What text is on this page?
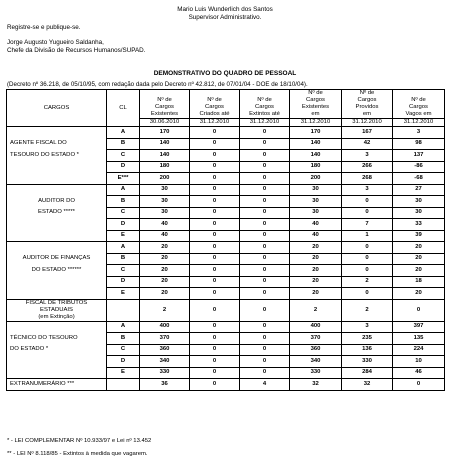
Mario Luis Wunderlich dos Santos
Supervisor Administrativo.
Registre-se e publique-se.
Jorge Augusto Yugueiro Saldanha,
Chefe da Divisão de Recursos Humanos/SUPAD.
DEMONSTRATIVO DO QUADRO DE PESSOAL
(Decreto nº 36.218, de 05/10/95, com redação dada pelo Decreto nº 42.812, de 07/01/04 - DOE de 18/10/04).
CARGOS	CL	Nº de
Cargos
Existentes
30.06.2010	Nº de
Cargos
Criados até
31.12.2010	Nº de
Cargos
Extintos até
31.12.2010	Nº de
Cargos
Existentes
em
31.12.2010	Nº de
Cargos
Providos
em
31.12.2010	Nº de
Cargos
Vagos em
31.12.2010

	A	170	0	0	170	167	3
AGENTE FISCAL DO	B	140	0	0	140	42	98
TESOURO DO ESTADO *	C	140	0	0	140	3	137
	D	180	0	0	180	266	-86
	E***	200	0	0	200	268	-68
	A	30	0	0	30	3	27
AUDITOR DO	B	30	0	0	30	0	30
ESTADO *****	C	30	0	0	30	0	30
	D	40	0	0	40	7	33
	E	40	0	0	40	1	39
	A	20	0	0	20	0	20
AUDITOR DE FINANÇAS	B	20	0	0	20	0	20
DO ESTADO ******	C	20	0	0	20	0	20
	D	20	0	0	20	2	18
	E	20	0	0	20	0	20

FISCAL DE TRIBUTOS
ESTADUAIS
(em Extinção)		2	0	0	2	2	0
	A	400	0	0	400	3	397
TÉCNICO DO TESOURO	B	370	0	0	370	235	135
DO ESTADO *	C	360	0	0	360	136	224
	D	340	0	0	340	330	10
	E	330	0	0	330	284	46
EXTRANUMERÁRIO ***		36	0	4	32	32	0
* - LEI COMPLEMENTAR Nº 10.933/97 e Lei nº 13.452
** - LEI Nº 8.118/85 - Extintos à medida que vagarem.
